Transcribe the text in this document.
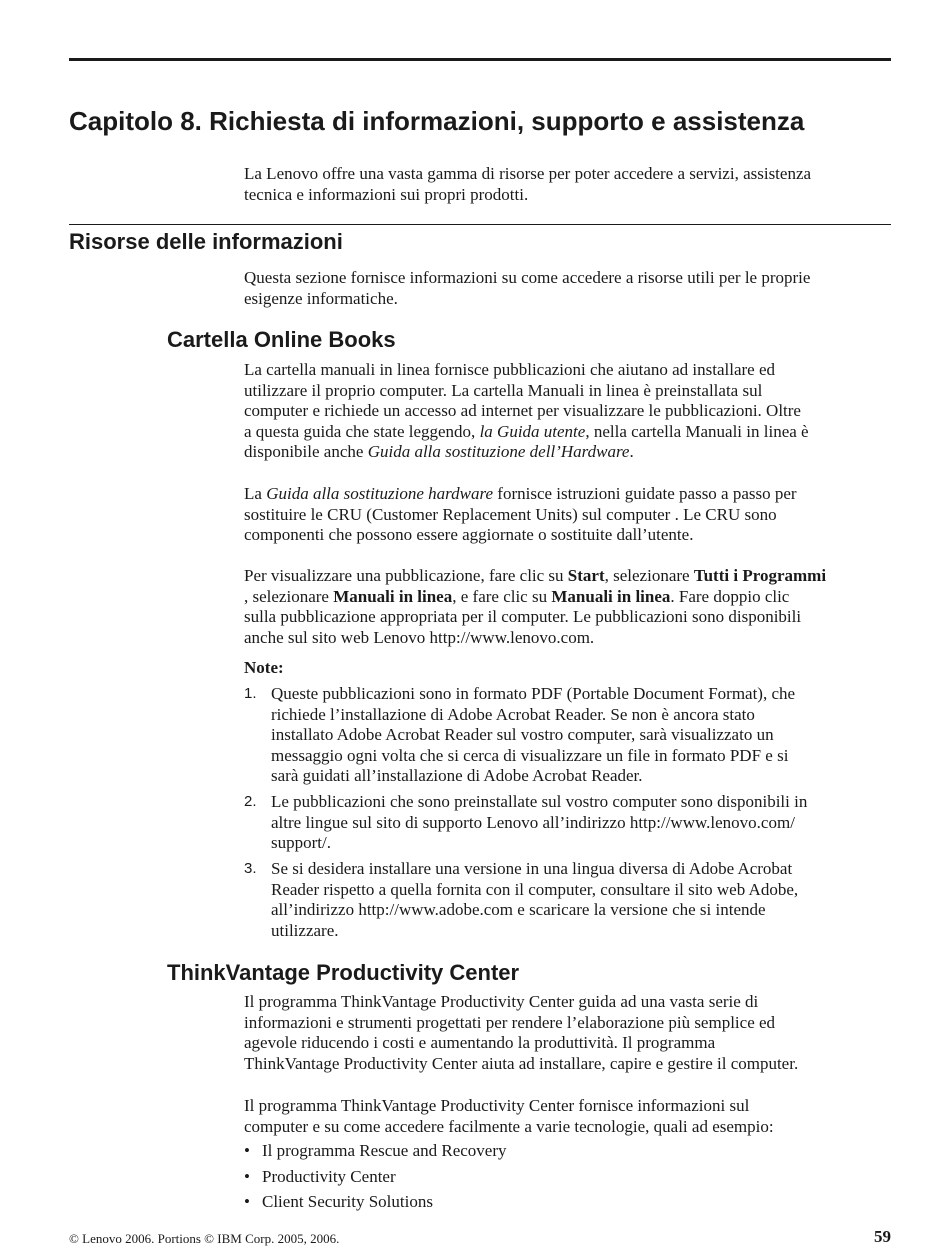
Capitolo 8. Richiesta di informazioni, supporto e assistenza
La Lenovo offre una vasta gamma di risorse per poter accedere a servizi, assistenza
tecnica e informazioni sui propri prodotti.
Risorse delle informazioni
Questa sezione fornisce informazioni su come accedere a risorse utili per le proprie
esigenze informatiche.
Cartella Online Books
La cartella manuali in linea fornisce pubblicazioni che aiutano ad installare ed
utilizzare il proprio computer. La cartella Manuali in linea è preinstallata sul
computer e richiede un accesso ad internet per visualizzare le pubblicazioni. Oltre
a questa guida che state leggendo, la Guida utente, nella cartella Manuali in linea è
disponibile anche Guida alla sostituzione dell’Hardware.
La Guida alla sostituzione hardware fornisce istruzioni guidate passo a passo per
sostituire le CRU (Customer Replacement Units) sul computer . Le CRU sono
componenti che possono essere aggiornate o sostituite dall’utente.
Per visualizzare una pubblicazione, fare clic su Start, selezionare Tutti i Programmi
, selezionare Manuali in linea, e fare clic su Manuali in linea. Fare doppio clic
sulla pubblicazione appropriata per il computer. Le pubblicazioni sono disponibili
anche sul sito web Lenovo http://www.lenovo.com.
Note:
1. Queste pubblicazioni sono in formato PDF (Portable Document Format), che
richiede l’installazione di Adobe Acrobat Reader. Se non è ancora stato
installato Adobe Acrobat Reader sul vostro computer, sarà visualizzato un
messaggio ogni volta che si cerca di visualizzare un file in formato PDF e si
sarà guidati all’installazione di Adobe Acrobat Reader.
2. Le pubblicazioni che sono preinstallate sul vostro computer sono disponibili in
altre lingue sul sito di supporto Lenovo all’indirizzo http://www.lenovo.com/
support/.
3. Se si desidera installare una versione in una lingua diversa di Adobe Acrobat
Reader rispetto a quella fornita con il computer, consultare il sito web Adobe,
all’indirizzo http://www.adobe.com e scaricare la versione che si intende
utilizzare.
ThinkVantage Productivity Center
Il programma ThinkVantage Productivity Center guida ad una vasta serie di
informazioni e strumenti progettati per rendere l’elaborazione più semplice ed
agevole riducendo i costi e aumentando la produttività. Il programma
ThinkVantage Productivity Center aiuta ad installare, capire e gestire il computer.
Il programma ThinkVantage Productivity Center fornisce informazioni sul
computer e su come accedere facilmente a varie tecnologie, quali ad esempio:
• Il programma Rescue and Recovery
• Productivity Center
• Client Security Solutions
© Lenovo 2006. Portions © IBM Corp. 2005, 2006.	59
